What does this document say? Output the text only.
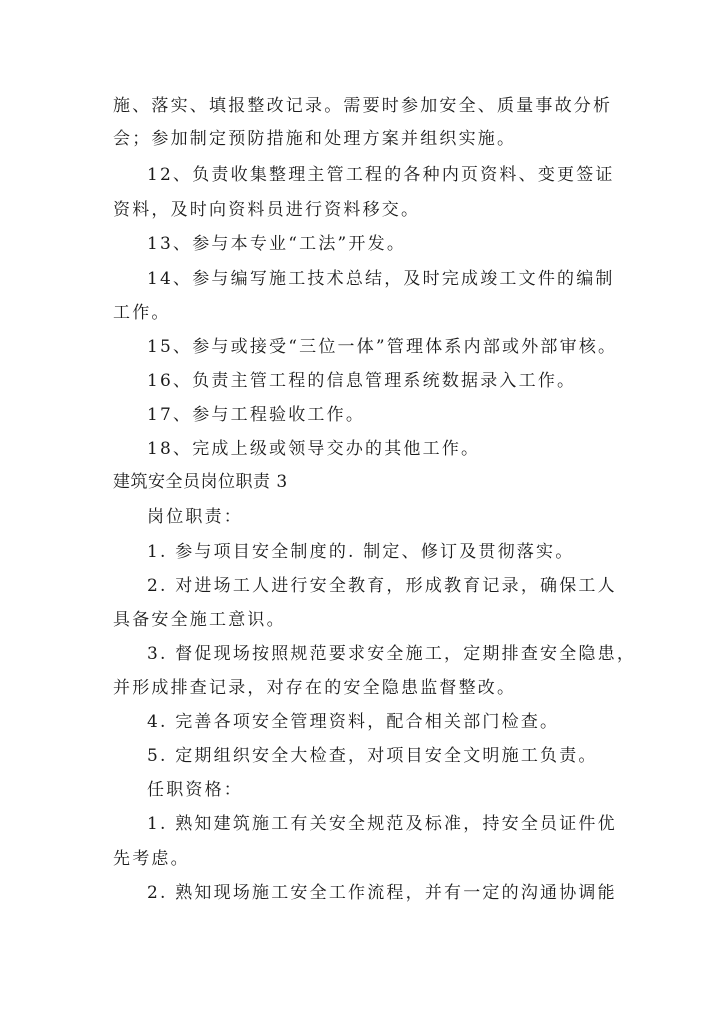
施、落实、填报整改记录。需要时参加安全、质量事故分析
会；参加制定预防措施和处理方案并组织实施。
12、负责收集整理主管工程的各种内页资料、变更签证
资料，及时向资料员进行资料移交。
13、参与本专业“工法”开发。
14、参与编写施工技术总结，及时完成竣工文件的编制
工作。
15、参与或接受“三位一体”管理体系内部或外部审核。
16、负责主管工程的信息管理系统数据录入工作。
17、参与工程验收工作。
18、完成上级或领导交办的其他工作。
建筑安全员岗位职责 3
岗位职责：
1. 参与项目安全制度的. 制定、修订及贯彻落实。
2. 对进场工人进行安全教育，形成教育记录，确保工人
具备安全施工意识。
3. 督促现场按照规范要求安全施工，定期排查安全隐患，
并形成排查记录，对存在的安全隐患监督整改。
4. 完善各项安全管理资料，配合相关部门检查。
5. 定期组织安全大检查，对项目安全文明施工负责。
任职资格：
1. 熟知建筑施工有关安全规范及标准，持安全员证件优
先考虑。
2. 熟知现场施工安全工作流程，并有一定的沟通协调能
